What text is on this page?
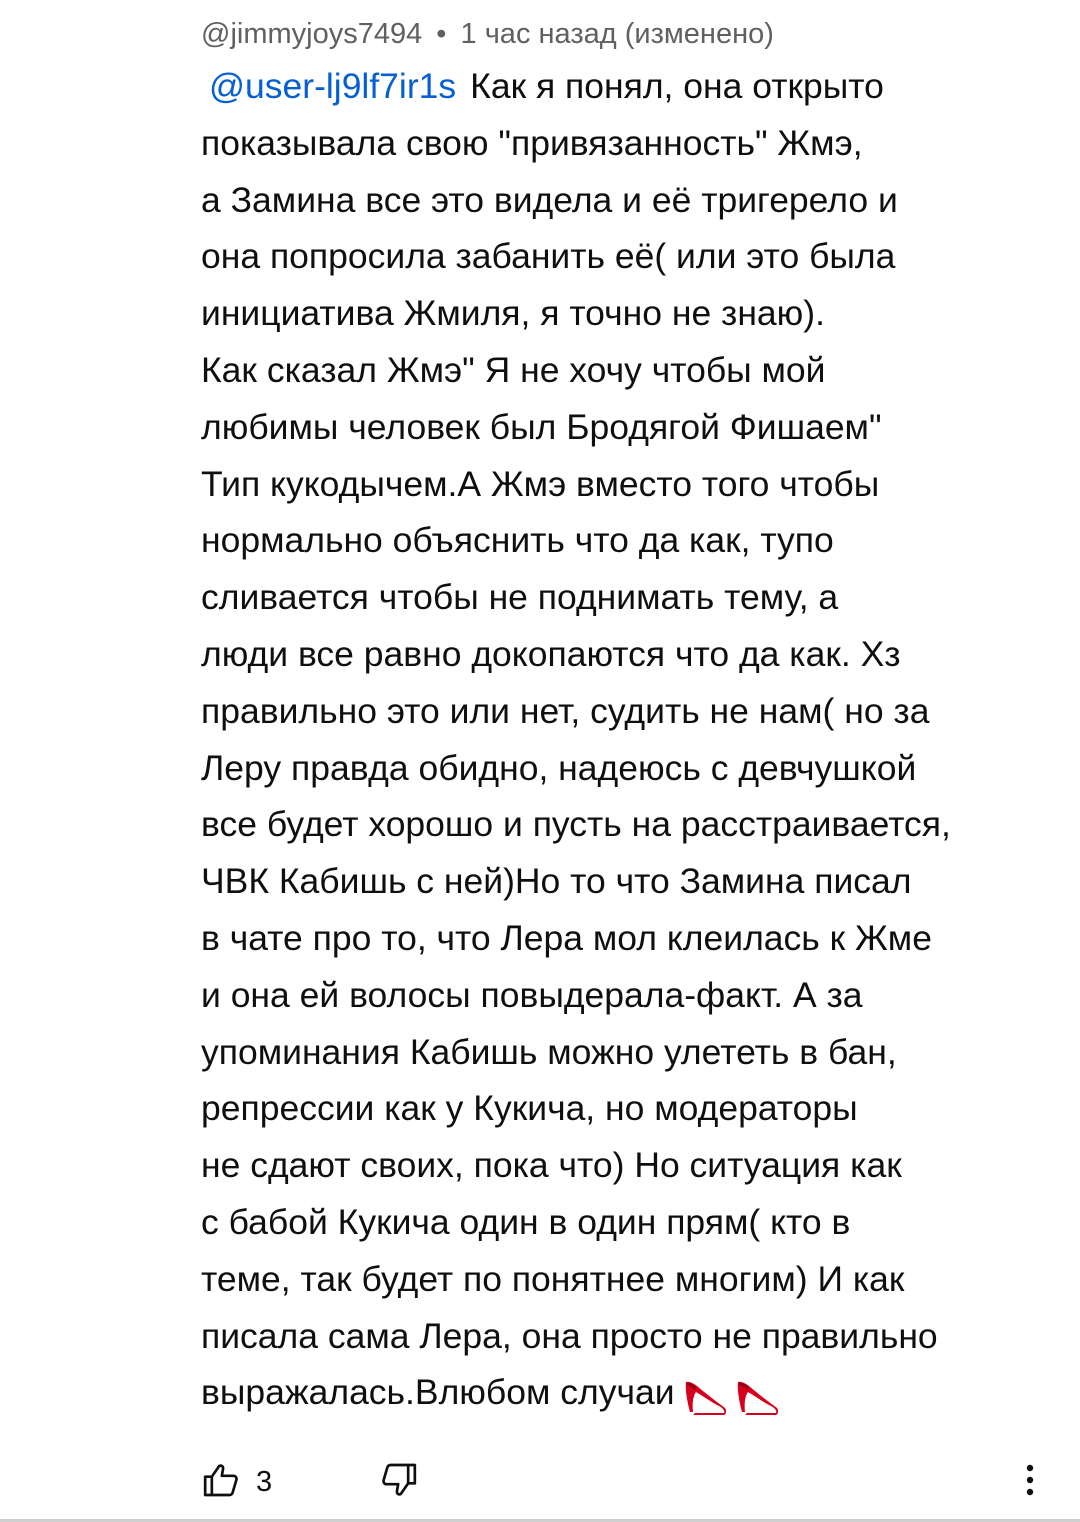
@jimmyjoys7494 • 1 час назад (изменено)
@user-lj9lf7ir1s Как я понял, она открыто
показывала свою "привязанность" Жмэ,
а Замина все это видела и её тригерело и
она попросила забанить её( или это была
инициатива Жмиля, я точно не знаю).
Как сказал Жмэ" Я не хочу чтобы мой
любимы человек был Бродягой Фишаем"
Тип кукодычем.А Жмэ вместо того чтобы
нормально объяснить что да как, тупо
сливается чтобы не поднимать тему, а
люди все равно докопаются что да как. Хз
правильно это или нет, судить не нам( но за
Леру правда обидно, надеюсь с девчушкой
все будет хорошо и пусть на расстраивается,
ЧВК Кабишь с ней)Но то что Замина писал
в чате про то, что Лера мол клеилась к Жме
и она ей волосы повыдерала-факт. А за
упоминания Кабишь можно улететь в бан,
репрессии как у Кукича, но модераторы
не сдают своих, пока что) Но ситуация как
с бабой Кукича один в один прям( кто в
теме, так будет по понятнее многим) И как
писала сама Лера, она просто не правильно
выражалась.Влюбом случаи
3
